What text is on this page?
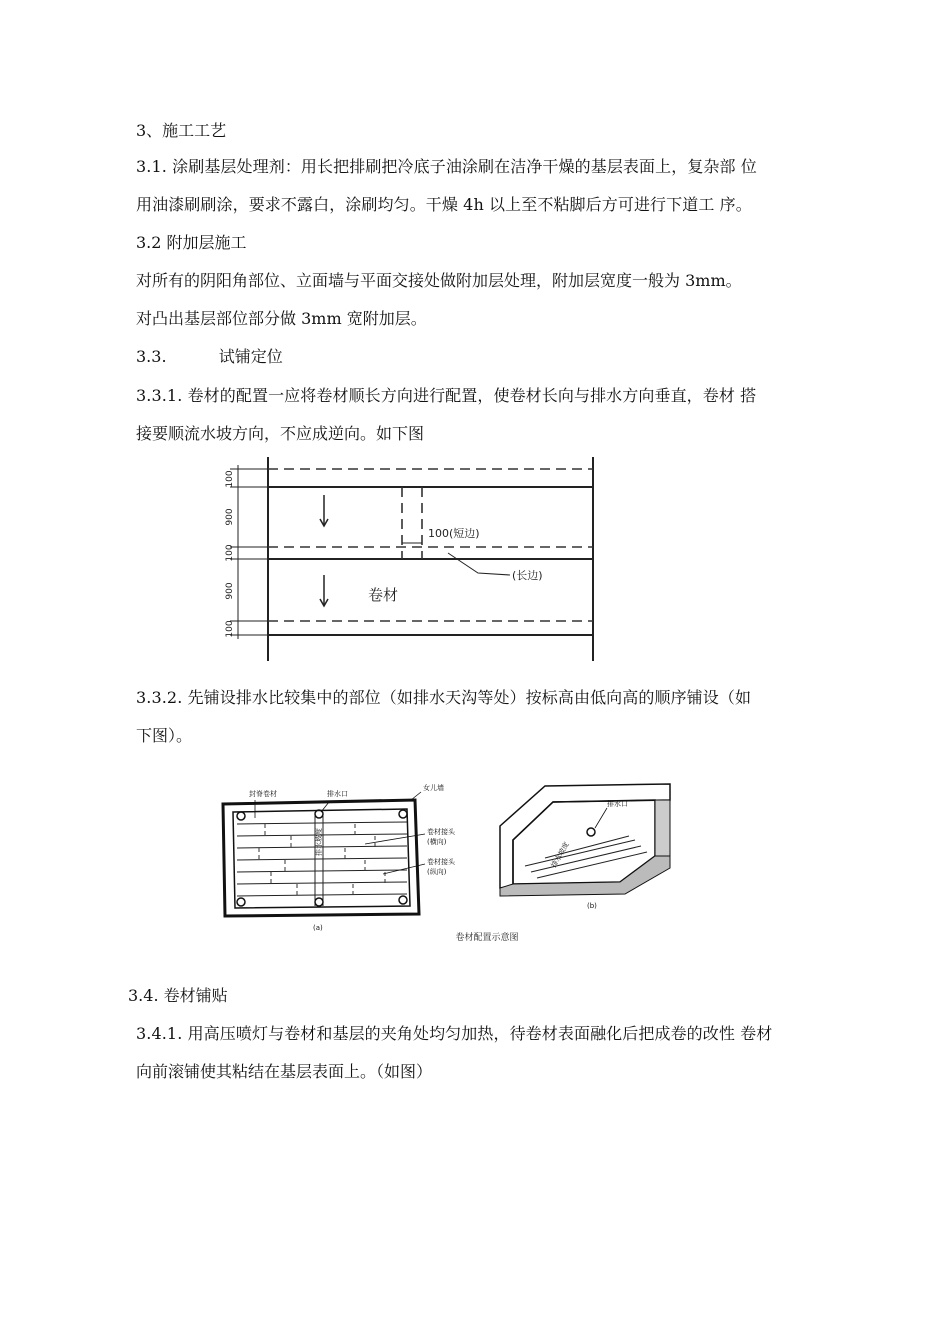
3、施工工艺
3.1. 涂刷基层处理剂：用长把排刷把冷底子油涂刷在洁净干燥的基层表面上，复杂部 位
用油漆刷刷涂，要求不露白，涂刷均匀。干燥 4h 以上至不粘脚后方可进行下道工 序。
3.2 附加层施工
对所有的阴阳角部位、立面墙与平面交接处做附加层处理，附加层宽度一般为 3mm。
对凸出基层部位部分做 3mm 宽附加层。
3.3.	试铺定位
3.3.1. 卷材的配置一应将卷材顺长方向进行配置，使卷材长向与排水方向垂直，卷材 搭
接要顺流水坡方向，不应成逆向。如下图
100
900
100
900
100
100(短边)
(长边)
卷材
3.3.2. 先铺设排水比较集中的部位（如排水天沟等处）按标高由低向高的顺序铺设（如
下图）。
封脊卷材	排水口
女儿墙
卷材接头
(横向)
卷材接头
(纵向)
排水坡度
(a)
排水口
排水坡度
(b)
卷材配置示意图
3.4. 卷材铺贴
3.4.1. 用高压喷灯与卷材和基层的夹角处均匀加热，待卷材表面融化后把成卷的改性 卷材
向前滚铺使其粘结在基层表面上。（如图）
